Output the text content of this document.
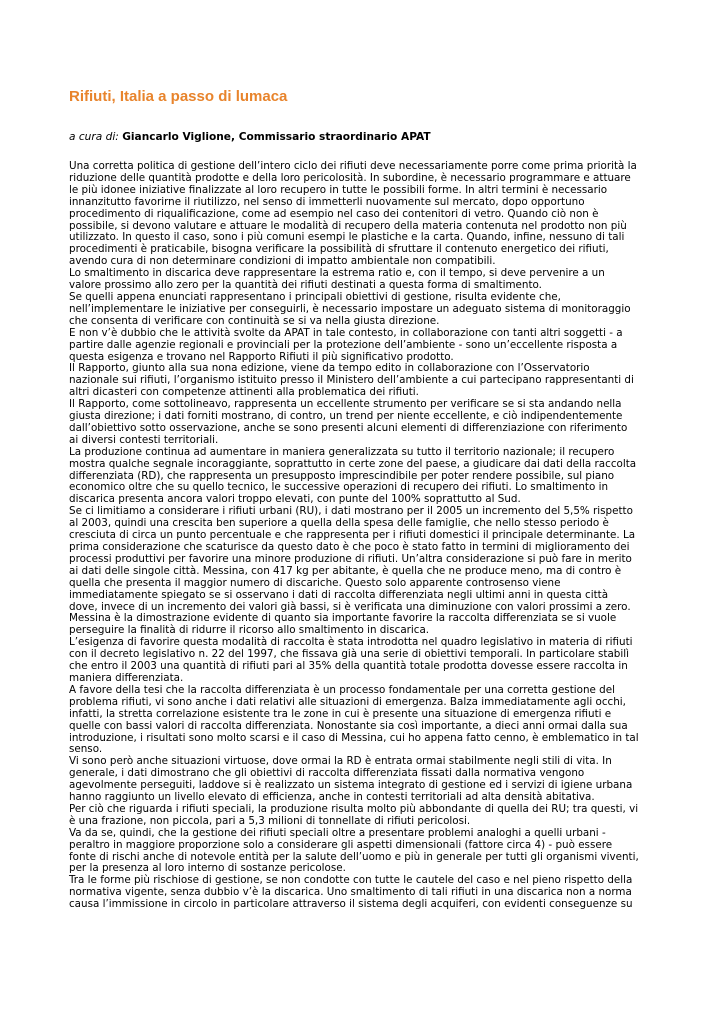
Rifiuti, Italia a passo di lumaca
a cura di: Giancarlo Viglione, Commissario straordinario APAT

Una corretta politica di gestione dell’intero ciclo dei rifiuti deve necessariamente porre come prima priorità la riduzione delle quantità prodotte e della loro pericolosità. In subordine, è necessario programmare e attuare le più idonee iniziative finalizzate al loro recupero in tutte le possibili forme. In altri termini è necessario innanzitutto favorirne il riutilizzo, nel senso di immetterli nuovamente sul mercato, dopo opportuno procedimento di riqualificazione, come ad esempio nel caso dei contenitori di vetro. Quando ciò non è possibile, si devono valutare e attuare le modalità di recupero della materia contenuta nel prodotto non più utilizzato. In questo il caso, sono i più comuni esempi le plastiche e la carta. Quando, infine, nessuno di tali procedimenti è praticabile, bisogna verificare la possibilità di sfruttare il contenuto energetico dei rifiuti, avendo cura di non determinare condizioni di impatto ambientale non compatibili.

Lo smaltimento in discarica deve rappresentare la estrema ratio e, con il tempo, si deve pervenire a un valore prossimo allo zero per la quantità dei rifiuti destinati a questa forma di smaltimento.

Se quelli appena enunciati rappresentano i principali obiettivi di gestione, risulta evidente che, nell’implementare le iniziative per conseguirli, è necessario impostare un adeguato sistema di monitoraggio che consenta di verificare con continuità se si va nella giusta direzione.

E non v’è dubbio che le attività svolte da APAT in tale contesto, in collaborazione con tanti altri soggetti - a partire dalle agenzie regionali e provinciali per la protezione dell’ambiente - sono un’eccellente risposta a questa esigenza e trovano nel Rapporto Rifiuti il più significativo prodotto.

Il Rapporto, giunto alla sua nona edizione, viene da tempo edito in collaborazione con l’Osservatorio nazionale sui rifiuti, l’organismo istituito presso il Ministero dell’ambiente a cui partecipano rappresentanti di altri dicasteri con competenze attinenti alla problematica dei rifiuti.

Il Rapporto, come sottolineavo, rappresenta un eccellente strumento per verificare se si sta andando nella giusta direzione; i dati forniti mostrano, di contro, un trend per niente eccellente, e ciò indipendentemente dall’obiettivo sotto osservazione, anche se sono presenti alcuni elementi di differenziazione con riferimento ai diversi contesti territoriali.

La produzione continua ad aumentare in maniera generalizzata su tutto il territorio nazionale; il recupero mostra qualche segnale incoraggiante, soprattutto in certe zone del paese, a giudicare dai dati della raccolta differenziata (RD), che rappresenta un presupposto imprescindibile per poter rendere possibile, sul piano economico oltre che su quello tecnico, le successive operazioni di recupero dei rifiuti. Lo smaltimento in discarica presenta ancora valori troppo elevati, con punte del 100% soprattutto al Sud.

Se ci limitiamo a considerare i rifiuti urbani (RU), i dati mostrano per il 2005 un incremento del 5,5% rispetto al 2003, quindi una crescita ben superiore a quella della spesa delle famiglie, che nello stesso periodo è cresciuta di circa un punto percentuale e che rappresenta per i rifiuti domestici il principale determinante. La prima considerazione che scaturisce da questo dato è che poco è stato fatto in termini di miglioramento dei processi produttivi per favorire una minore produzione di rifiuti. Un’altra considerazione si può fare in merito ai dati delle singole città. Messina, con 417 kg per abitante, è quella che ne produce meno, ma di contro è quella che presenta il maggior numero di discariche. Questo solo apparente controsenso viene immediatamente spiegato se si osservano i dati di raccolta differenziata negli ultimi anni in questa città dove, invece di un incremento dei valori già bassi, si è verificata una diminuzione con valori prossimi a zero. Messina è la dimostrazione evidente di quanto sia importante favorire la raccolta differenziata se si vuole perseguire la finalità di ridurre il ricorso allo smaltimento in discarica.

L’esigenza di favorire questa modalità di raccolta è stata introdotta nel quadro legislativo in materia di rifiuti con il decreto legislativo n. 22 del 1997, che fissava già una serie di obiettivi temporali. In particolare stabilì che entro il 2003 una quantità di rifiuti pari al 35% della quantità totale prodotta dovesse essere raccolta in maniera differenziata.

A favore della tesi che la raccolta differenziata è un processo fondamentale per una corretta gestione del problema rifiuti, vi sono anche i dati relativi alle situazioni di emergenza. Balza immediatamente agli occhi, infatti, la stretta correlazione esistente tra le zone in cui è presente una situazione di emergenza rifiuti e quelle con bassi valori di raccolta differenziata. Nonostante sia così importante, a dieci anni ormai dalla sua introduzione, i risultati sono molto scarsi e il caso di Messina, cui ho appena fatto cenno, è emblematico in tal senso.

Vi sono però anche situazioni virtuose, dove ormai la RD è entrata ormai stabilmente negli stili di vita. In generale, i dati dimostrano che gli obiettivi di raccolta differenziata fissati dalla normativa vengono agevolmente perseguiti, laddove si è realizzato un sistema integrato di gestione ed i servizi di igiene urbana hanno raggiunto un livello elevato di efficienza, anche in contesti territoriali ad alta densità abitativa.

Per ciò che riguarda i rifiuti speciali, la produzione risulta molto più abbondante di quella dei RU; tra questi, vi è una frazione, non piccola, pari a 5,3 milioni di tonnellate di rifiuti pericolosi.

Va da se, quindi, che la gestione dei rifiuti speciali oltre a presentare problemi analoghi a quelli urbani - peraltro in maggiore proporzione solo a considerare gli aspetti dimensionali (fattore circa 4) - può essere fonte di rischi anche di notevole entità per la salute dell’uomo e più in generale per tutti gli organismi viventi, per la presenza al loro interno di sostanze pericolose.

Tra le forme più rischiose di gestione, se non condotte con tutte le cautele del caso e nel pieno rispetto della normativa vigente, senza dubbio v’è la discarica. Uno smaltimento di tali rifiuti in una discarica non a norma causa l’immissione in circolo in particolare attraverso il sistema degli acquiferi, con evidenti conseguenze su
